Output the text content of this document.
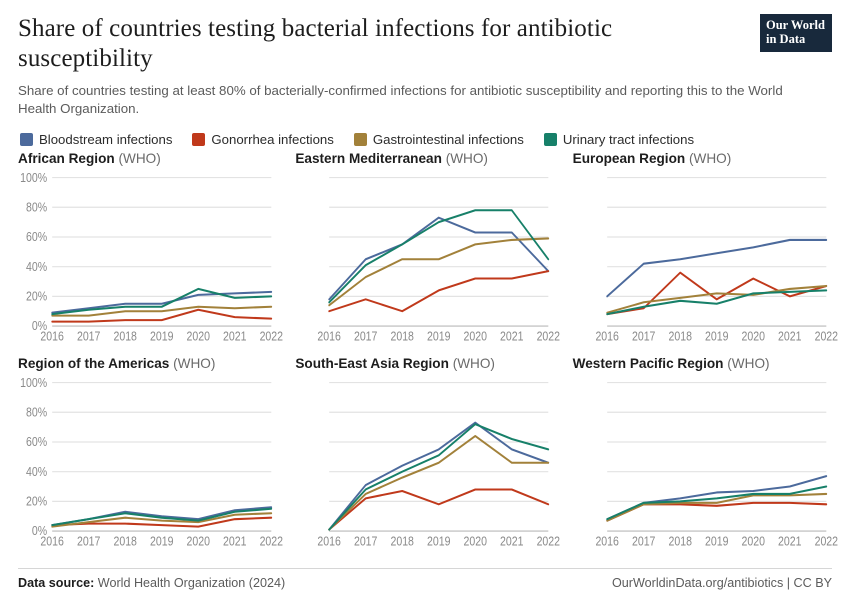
Share of countries testing bacterial infections for antibiotic susceptibility
Our World
in Data

Share of countries testing at least 80% of bacterially-confirmed infections for antibiotic susceptibility and reporting this to the World Health Organization.

Bloodstream infections	Gonorrhea infections	Gastrointestinal infections	Urinary tract infections
African Region (WHO)
0%
20%
40%
60%
80%
100%
2016 2017 2018 2019 2020 2021 2022
Eastern Mediterranean (WHO)
2016 2017 2018 2019 2020 2021 2022
European Region (WHO)
2016 2017 2018 2019 2020 2021 2022
Region of the Americas (WHO)
0%
20%
40%
60%
80%
100%
2016 2017 2018 2019 2020 2021 2022
South-East Asia Region (WHO)
2016 2017 2018 2019 2020 2021 2022
Western Pacific Region (WHO)
2016 2017 2018 2019 2020 2021 2022
Data source: World Health Organization (2024)	OurWorldinData.org/antibiotics | CC BY
